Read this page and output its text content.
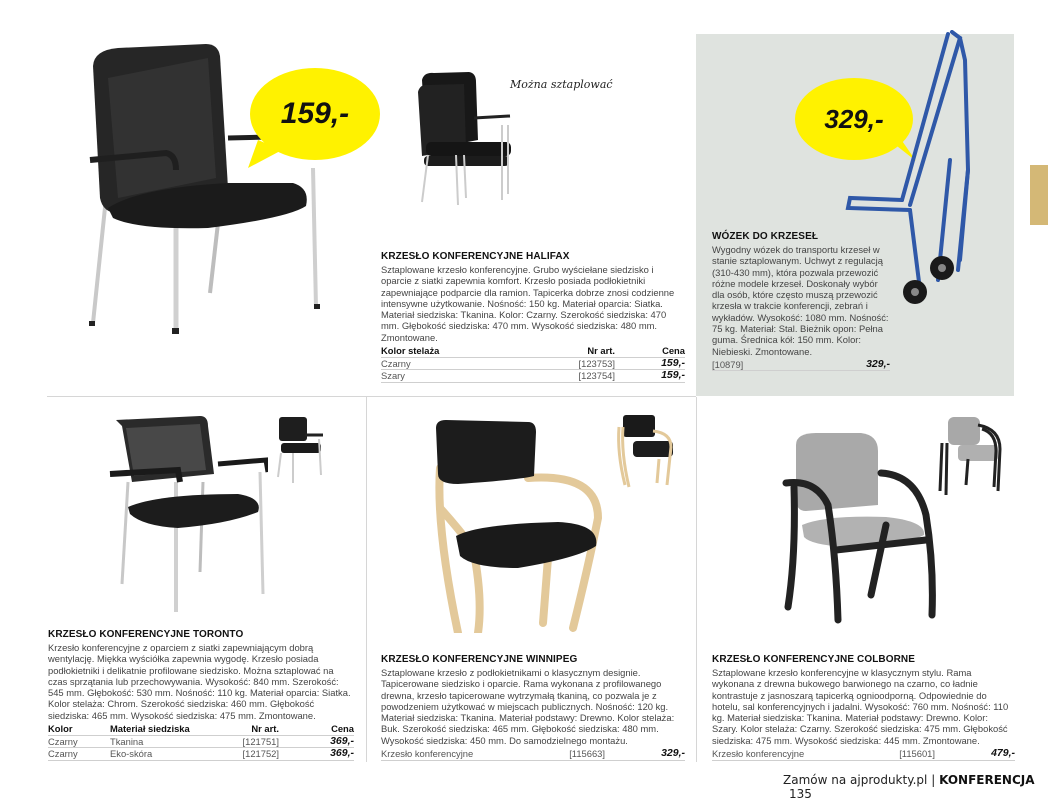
159,-
Można sztaplować

KRZESŁO KONFERENCYJNE HALIFAX

Sztaplowane krzesło konferencyjne. Grubo wyściełane siedzisko i oparcie z siatki zapewnia komfort. Krzesło posiada podłokietniki zapewniające podparcie dla ramion. Tapicerka dobrze znosi codzienne intensywne użytkowanie. Nośność: 150 kg. Materiał oparcia: Siatka. Materiał siedziska: Tkanina. Kolor: Czarny. Szerokość siedziska: 470 mm. Głębokość siedziska: 470 mm. Wysokość siedziska: 480 mm. Zmontowane.

Kolor stelaża	Nr art.	Cena
Czarny	[123753]	159,-
Szary	[123754]	159,-
329,-

WÓZEK DO KRZESEŁ

Wygodny wózek do transportu krzeseł w stanie sztaplowanym. Uchwyt z regulacją (310-430 mm), która pozwala przewozić różne modele krzeseł. Doskonały wybór dla osób, które często muszą przewozić krzesła w trakcie konferencji, zebrań i wykładów. Wysokość: 1080 mm. Nośność: 75 kg. Materiał: Stal. Bieżnik opon: Pełna guma. Średnica kół: 150 mm. Kolor: Niebieski. Zmontowane.

[10879]	329,-

KRZESŁO KONFERENCYJNE TORONTO

Krzesło konferencyjne z oparciem z siatki zapewniającym dobrą wentylację. Miękka wyściółka zapewnia wygodę. Krzesło posiada podłokietniki i delikatnie profilowane siedzisko. Można sztaplować na czas sprzątania lub przechowywania. Wysokość: 840 mm. Szerokość: 545 mm. Głębokość: 530 mm. Nośność: 110 kg. Materiał oparcia: Siatka. Kolor stelaża: Chrom. Szerokość siedziska: 460 mm. Głębokość siedziska: 465 mm. Wysokość siedziska: 475 mm. Zmontowane.

Kolor	Materiał siedziska	Nr art.	Cena
Czarny	Tkanina	[121751]	369,-
Czarny	Eko-skóra	[121752]	369,-

KRZESŁO KONFERENCYJNE WINNIPEG

Sztaplowane krzesło z podłokietnikami o klasycznym designie. Tapicerowane siedzisko i oparcie. Rama wykonana z profilowanego drewna, krzesło tapicerowane wytrzymałą tkaniną, co pozwala je z powodzeniem użytkować w miejscach publicznych. Nośność: 120 kg. Materiał siedziska: Tkanina. Materiał podstawy: Drewno. Kolor stelaża: Buk. Szerokość siedziska: 465 mm. Głębokość siedziska: 480 mm. Wysokość siedziska: 450 mm. Do samodzielnego montażu.

Krzesło konferencyjne	[115663]	329,-

KRZESŁO KONFERENCYJNE COLBORNE

Sztaplowane krzesło konferencyjne w klasycznym stylu. Rama wykonana z drewna bukowego barwionego na czarno, co ładnie kontrastuje z jasnoszarą tapicerką ognioodporną. Odpowiednie do hotelu, sal konferencyjnych i jadalni. Wysokość: 760 mm. Nośność: 110 kg. Materiał siedziska: Tkanina. Materiał podstawy: Drewno. Kolor: Szary. Kolor stelaża: Czarny. Szerokość siedziska: 475 mm. Głębokość siedziska: 475 mm. Wysokość siedziska: 445 mm. Zmontowane.

Krzesło konferencyjne	[115601]	479,-
Zamów na ajprodukty.pl | KONFERENCJA 135
